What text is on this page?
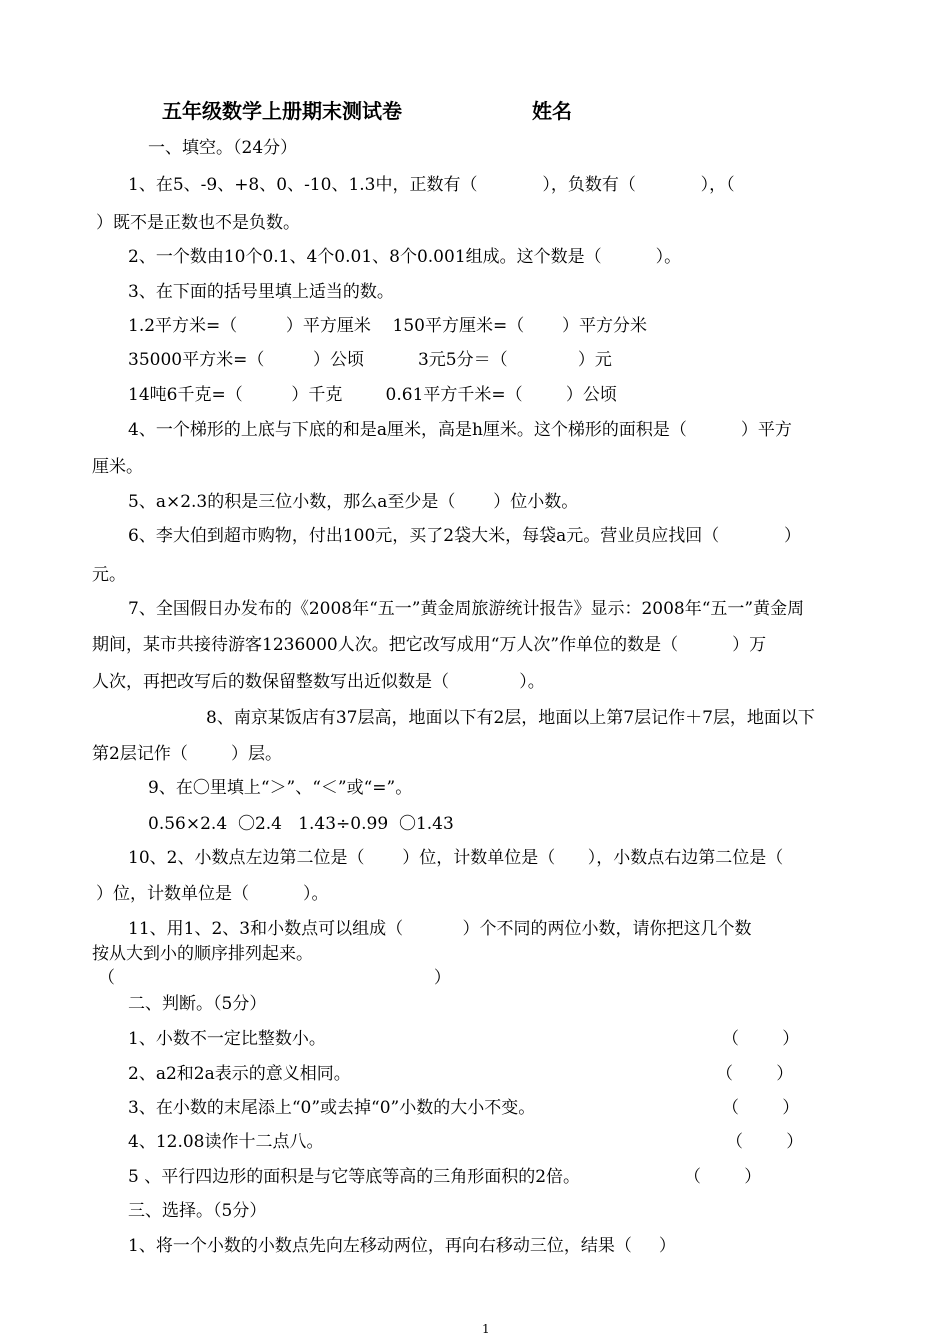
五年级数学上册期末测试卷	姓名
一、填空。（24分）
1、在5、-9、+8、0、-10、1.3中，正数有（            ），负数有（            ），（
）既不是正数也不是负数。
2、一个数由10个0.1、4个0.01、8个0.001组成。这个数是（          ）。
3、在下面的括号里填上适当的数。
1.2平方米=（         ）平方厘米    150平方厘米=（       ）平方分米
35000平方米=（         ）公顷          3元5分＝（             ）元
14吨6千克=（         ）千克        0.61平方千米=（        ）公顷
4、一个梯形的上底与下底的和是a厘米，高是h厘米。这个梯形的面积是（          ）平方
厘米。
5、a×2.3的积是三位小数，那么a至少是（       ）位小数。
6、李大伯到超市购物，付出100元，买了2袋大米，每袋a元。营业员应找回（            ）
元。
7、全国假日办发布的《2008年“五一”黄金周旅游统计报告》显示：2008年“五一”黄金周
期间，某市共接待游客1236000人次。把它改写成用“万人次”作单位的数是（          ）万
人次，再把改写后的数保留整数写出近似数是（             ）。
8、南京某饭店有37层高，地面以下有2层，地面以上第7层记作＋7层，地面以下
第2层记作（        ）层。
9、在〇里填上“＞”、“＜”或“=”。
0.56×2.4  〇2.4   1.43÷0.99  〇1.43
10、2、小数点左边第二位是（       ）位，计数单位是（      ），小数点右边第二位是（
）位，计数单位是（          ）。
11、用1、2、3和小数点可以组成（           ）个不同的两位小数，请你把这几个数
按从大到小的顺序排列起来。
（                                                           ）
二、判断。（5分）
1、小数不一定比整数小。	（        ）
2、a2和2a表示的意义相同。	（        ）
3、在小数的末尾添上“0”或去掉“0”小数的大小不变。	（        ）
4、12.08读作十二点八。	（        ）
5 、平行四边形的面积是与它等底等高的三角形面积的2倍。	（        ）
三、选择。（5分）
1、将一个小数的小数点先向左移动两位，再向右移动三位，结果（     ）
1
